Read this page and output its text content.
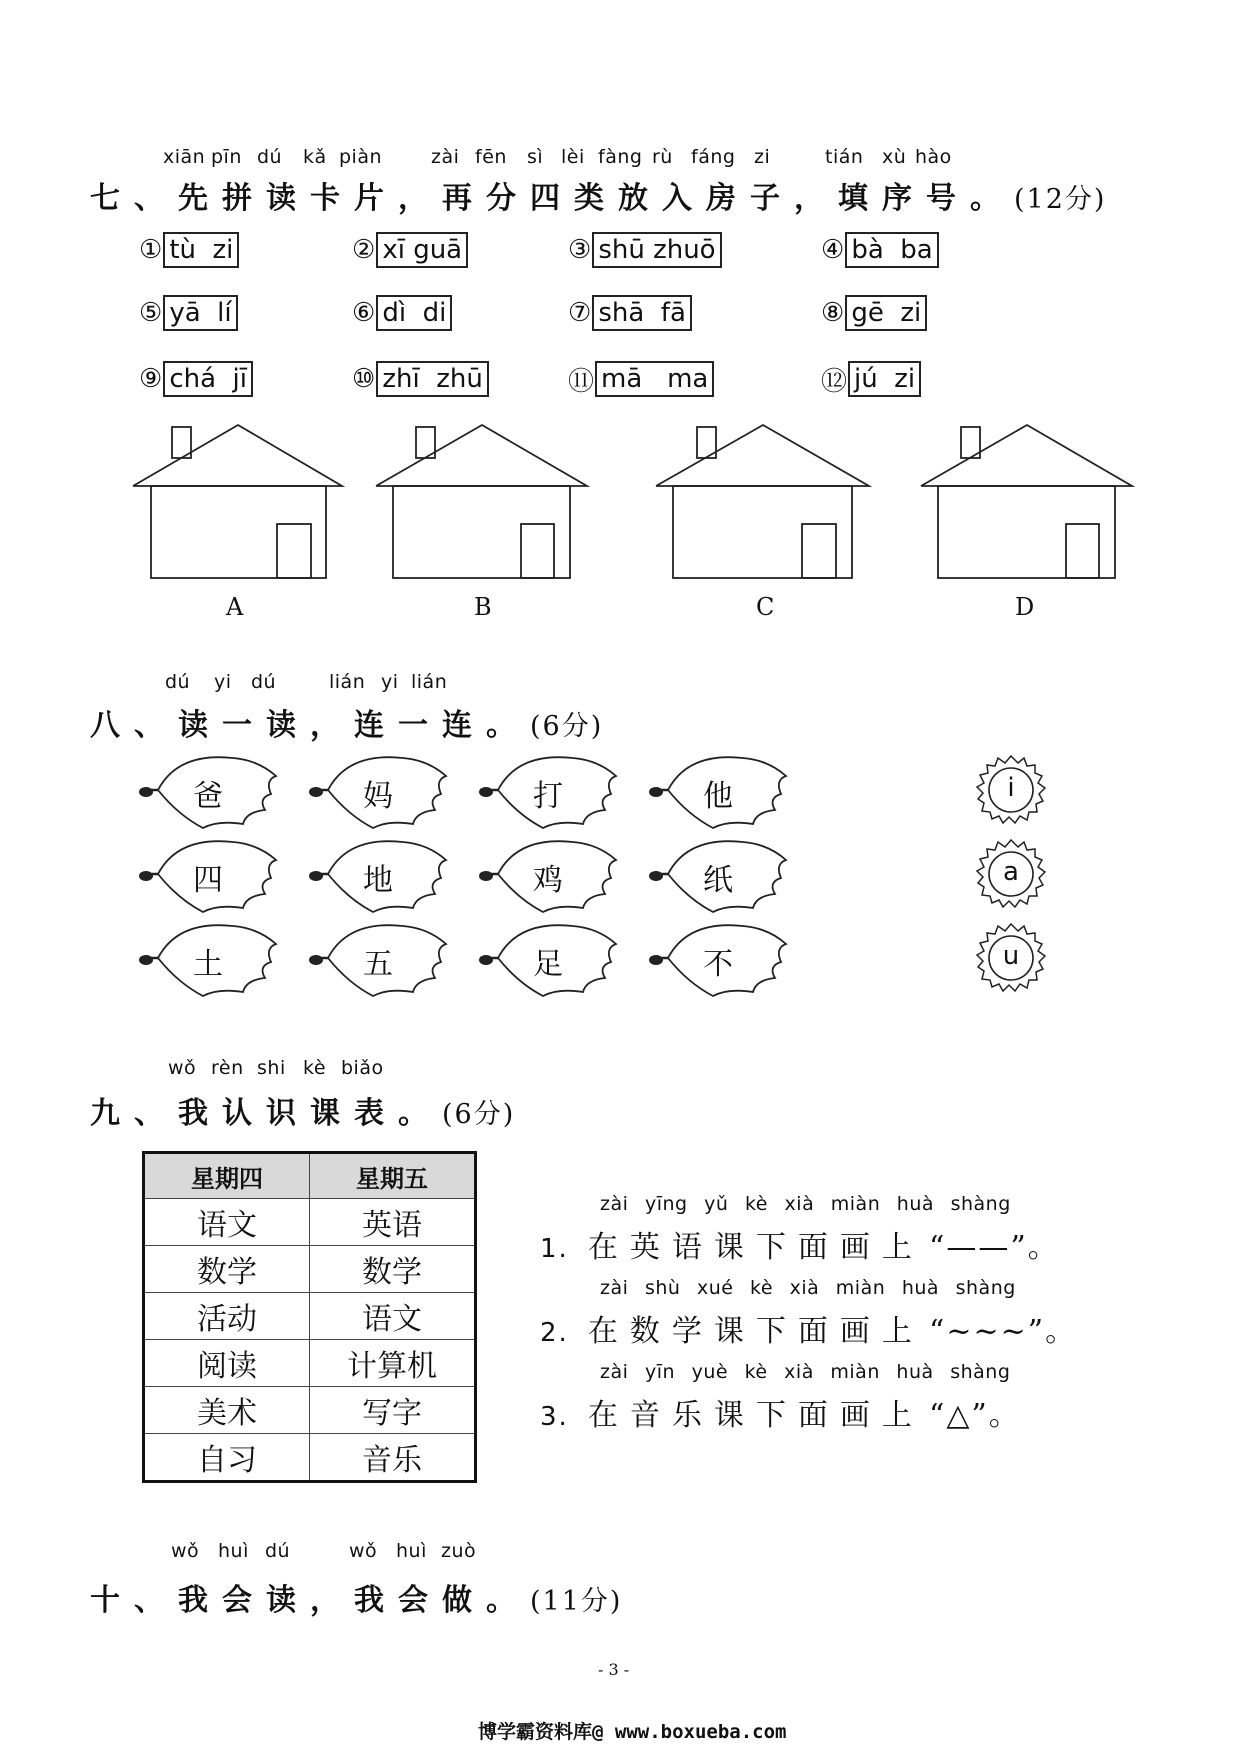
xiān pīn dú kǎ piàn	zài fēn sì lèi fàng rù fáng zi	tián xù hào
七、先拼读卡片，再分四类放入房子，填序号。(12分)
① tù  zi	② xī guā	③ shū zhuō	④ bà  ba
⑤ yā  lí	⑥ dì  di	⑦ shā  fā	⑧ gē  zi
⑨ chá  jī	⑩ zhī  zhū	⑪ mā   ma	⑫ jú  zi
A	B	C	D
dú yi dú	lián yi lián
八、读一读，连一连。(6分)
爸	妈	打	他
四	地	鸡	纸
土	五	足	不
i
a
u
wǒ rèn shi kè biǎo
九、我认识课表。(6分)
星期四	星期五
语文	英语
数学	数学
活动	语文
阅读	计算机
美术	写字
自习	音乐
zài yīng yǔ kè xià miàn huà shàng
1. 在英语课下面画上 “——”。
zài shù xué kè xià miàn huà shàng
2. 在数学课下面画上 “~~~”。
zài yīn yuè kè xià miàn huà shàng
3. 在音乐课下面画上 “△”。
wǒ huì dú	wǒ huì zuò
十、我会读，我会做。(11分)
- 3 -
博学霸资料库@ www.boxueba.com
